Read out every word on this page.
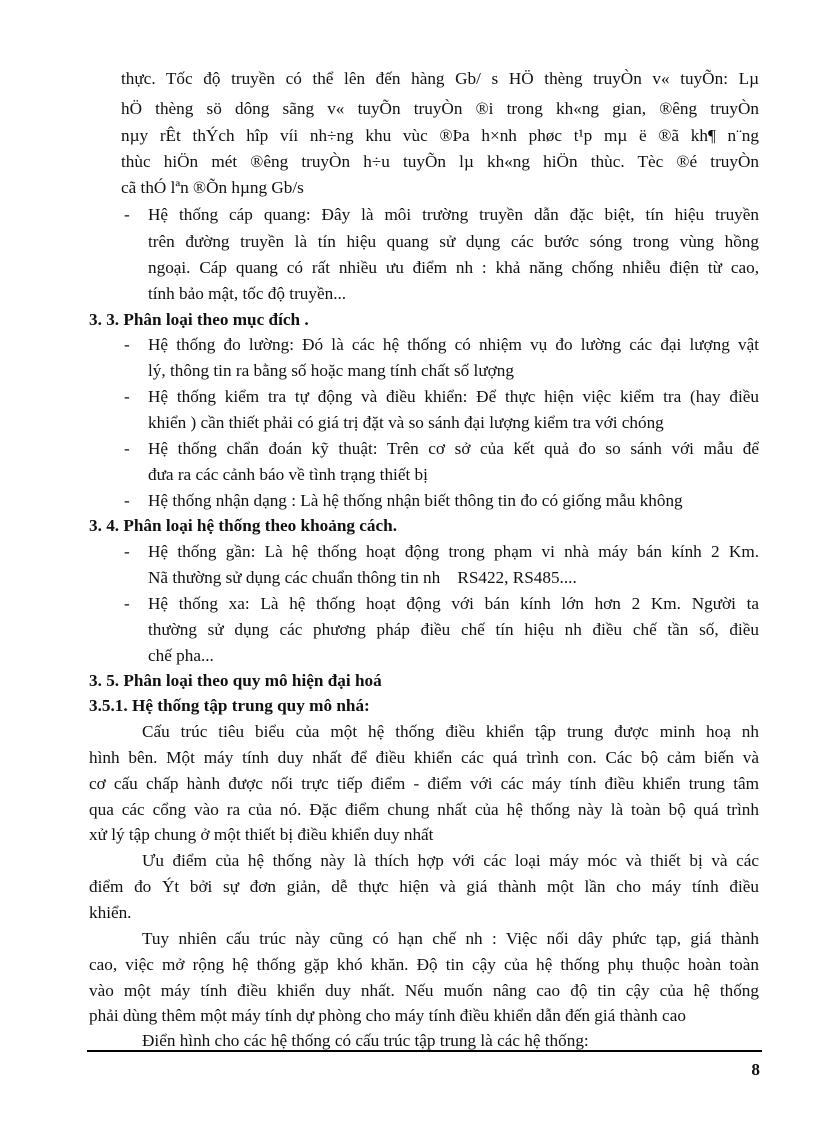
thực. Tốc độ truyền có thể lên đến hàng Gb/ s HÖ thèng truyÒn v« tuyÕn: Lµ
hÖ thèng sö dông sãng v« tuyÕn truyÒn ®i trong kh«ng gian, ®êng truyÒn
nµy rÊt thÝch hîp víi nh÷ng khu vùc ®Þa h×nh phøc t¹p mµ ë ®ã kh¶ n¨ng
thùc hiÖn mét ®êng truyÒn h÷u tuyÕn lµ kh«ng hiÖn thùc. Tèc ®é truyÒn
cã thÓ lªn ®Õn hµng Gb/s
- Hệ thống cáp quang: Đây là môi trường truyền dẫn đặc biệt, tín hiệu truyền
trên đường truyền là tín hiệu quang sử dụng các bước sóng trong vùng hồng
ngoại. Cáp quang có rất nhiều ưu điểm nh : khả năng chống nhiễu điện từ cao,
tính bảo mật, tốc độ truyền...
3. 3. Phân loại theo mục đích .
- Hệ thống đo lường: Đó là các hệ thống có nhiệm vụ đo lường các đại lượng vật
lý, thông tin ra bằng số hoặc mang tính chất số lượng
- Hệ thống kiểm tra tự động và điều khiển: Để thực hiện việc kiểm tra (hay điều
khiển ) cần thiết phải có giá trị đặt và so sánh đại lượng kiểm tra với chóng
- Hệ thống chẩn đoán kỹ thuật: Trên cơ sở của kết quả đo so sánh với mẫu để
đưa ra các cảnh báo về tình trạng thiết bị
- Hệ thống nhận dạng : Là hệ thống nhận biết thông tin đo có giống mẫu không
3. 4. Phân loại hệ thống theo khoảng cách.
- Hệ thống gần: Là hệ thống hoạt động trong phạm vi nhà máy bán kính 2 Km.
Nã thường sử dụng các chuẩn thông tin nh    RS422, RS485....
- Hệ thống xa: Là hệ thống hoạt động với bán kính lớn hơn 2 Km. Người ta
thường sử dụng các phương pháp điều chế tín hiệu nh điều chế tần số, điều
chế pha...
3. 5. Phân loại theo quy mô hiện đại hoá
3.5.1. Hệ thống tập trung quy mô nhá:
Cấu trúc tiêu biểu của một hệ thống điều khiển tập trung được minh hoạ nh
hình bên. Một máy tính duy nhất để điều khiển các quá trình con. Các bộ cảm biến và
cơ cấu chấp hành được nối trực tiếp điểm - điểm với các máy tính điều khiển trung tâm
qua các cổng vào ra của nó. Đặc điểm chung nhất của hệ thống này là toàn bộ quá trình
xử lý tập chung ở một thiết bị điều khiển duy nhất
Ưu điểm của hệ thống này là thích hợp với các loại máy móc và thiết bị và các
điểm đo Ýt bởi sự đơn giản, dễ thực hiện và giá thành một lần cho máy tính điều
khiển.
Tuy nhiên cấu trúc này cũng có hạn chế nh : Việc nối dây phức tạp, giá thành
cao, việc mở rộng hệ thống gặp khó khăn. Độ tin cậy của hệ thống phụ thuộc hoàn toàn
vào một máy tính điều khiển duy nhất. Nếu muốn nâng cao độ tin cậy của hệ thống
phải dùng thêm một máy tính dự phòng cho máy tính điều khiển dẫn đến giá thành cao
Điển hình cho các hệ thống có cấu trúc tập trung là các hệ thống:
8
